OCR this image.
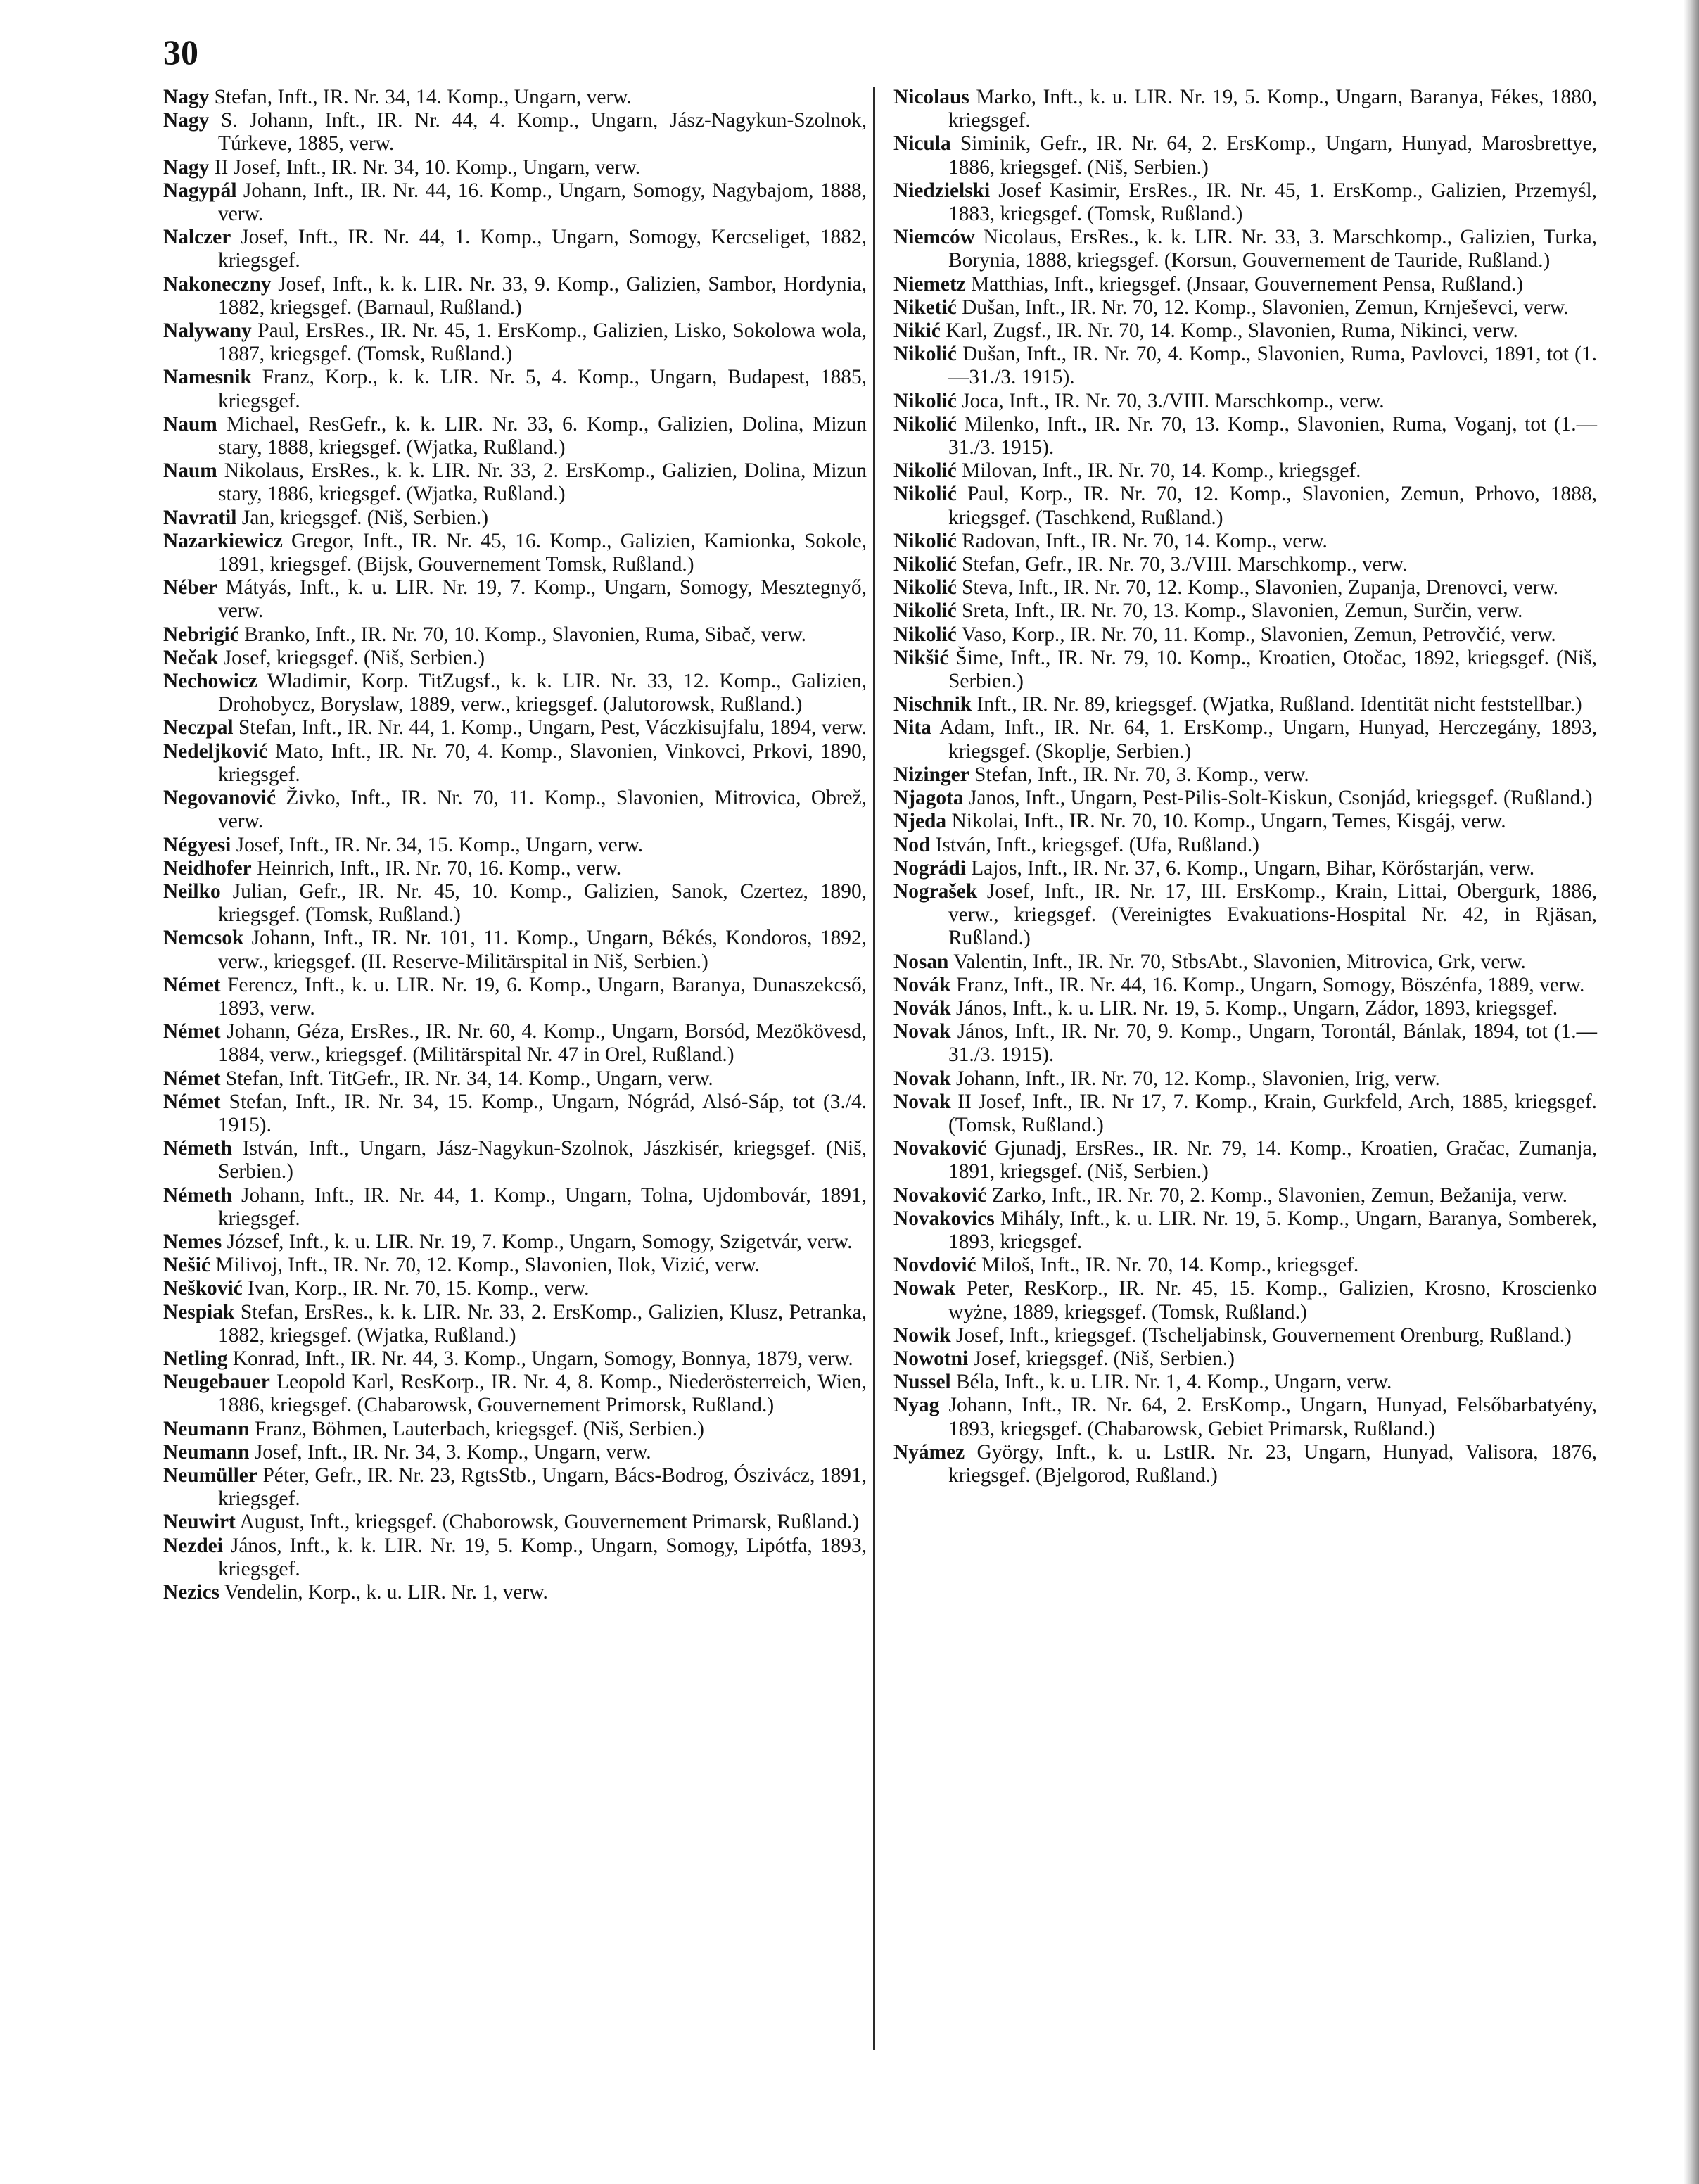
30

Nagy Stefan, Inft., IR. Nr. 34, 14. Komp., Ungarn, verw.

Nagy S. Johann, Inft., IR. Nr. 44, 4. Komp., Ungarn, Jász-Nagykun-Szolnok, Túrkeve, 1885, verw.

Nagy II Josef, Inft., IR. Nr. 34, 10. Komp., Ungarn, verw.

Nagypál Johann, Inft., IR. Nr. 44, 16. Komp., Ungarn, Somogy, Nagybajom, 1888, verw.

Nalczer Josef, Inft., IR. Nr. 44, 1. Komp., Ungarn, Somogy, Kercseliget, 1882, kriegsgef.

Nakoneczny Josef, Inft., k. k. LIR. Nr. 33, 9. Komp., Galizien, Sambor, Hordynia, 1882, kriegsgef. (Barnaul, Rußland.)

Nalywany Paul, ErsRes., IR. Nr. 45, 1. ErsKomp., Galizien, Lisko, Sokolowa wola, 1887, kriegsgef. (Tomsk, Rußland.)

Namesnik Franz, Korp., k. k. LIR. Nr. 5, 4. Komp., Ungarn, Budapest, 1885, kriegsgef.

Naum Michael, ResGefr., k. k. LIR. Nr. 33, 6. Komp., Galizien, Dolina, Mizun stary, 1888, kriegsgef. (Wjatka, Rußland.)

Naum Nikolaus, ErsRes., k. k. LIR. Nr. 33, 2. ErsKomp., Galizien, Dolina, Mizun stary, 1886, kriegsgef. (Wjatka, Rußland.)

Navratil Jan, kriegsgef. (Niš, Serbien.)

Nazarkiewicz Gregor, Inft., IR. Nr. 45, 16. Komp., Galizien, Kamionka, Sokole, 1891, kriegsgef. (Bijsk, Gouvernement Tomsk, Rußland.)

Néber Mátyás, Inft., k. u. LIR. Nr. 19, 7. Komp., Ungarn, Somogy, Mesztegnyő, verw.

Nebrigić Branko, Inft., IR. Nr. 70, 10. Komp., Slavonien, Ruma, Sibač, verw.

Nečak Josef, kriegsgef. (Niš, Serbien.)

Nechowicz Wladimir, Korp. TitZugsf., k. k. LIR. Nr. 33, 12. Komp., Galizien, Drohobycz, Boryslaw, 1889, verw., kriegsgef. (Jalutorowsk, Rußland.)

Neczpal Stefan, Inft., IR. Nr. 44, 1. Komp., Ungarn, Pest, Váczkisujfalu, 1894, verw.

Nedeljković Mato, Inft., IR. Nr. 70, 4. Komp., Slavonien, Vinkovci, Prkovi, 1890, kriegsgef.

Negovanović Živko, Inft., IR. Nr. 70, 11. Komp., Slavonien, Mitrovica, Obrež, verw.

Négyesi Josef, Inft., IR. Nr. 34, 15. Komp., Ungarn, verw.

Neidhofer Heinrich, Inft., IR. Nr. 70, 16. Komp., verw.

Neilko Julian, Gefr., IR. Nr. 45, 10. Komp., Galizien, Sanok, Czertez, 1890, kriegsgef. (Tomsk, Rußland.)

Nemcsok Johann, Inft., IR. Nr. 101, 11. Komp., Ungarn, Békés, Kondoros, 1892, verw., kriegsgef. (II. Reserve-Militärspital in Niš, Serbien.)

Német Ferencz, Inft., k. u. LIR. Nr. 19, 6. Komp., Ungarn, Baranya, Dunaszekcső, 1893, verw.

Német Johann, Géza, ErsRes., IR. Nr. 60, 4. Komp., Ungarn, Borsód, Mezökövesd, 1884, verw., kriegsgef. (Militärspital Nr. 47 in Orel, Rußland.)

Német Stefan, Inft. TitGefr., IR. Nr. 34, 14. Komp., Ungarn, verw.

Német Stefan, Inft., IR. Nr. 34, 15. Komp., Ungarn, Nógrád, Alsó-Sáp, tot (3./4. 1915).

Németh István, Inft., Ungarn, Jász-Nagykun-Szolnok, Jászkisér, kriegsgef. (Niš, Serbien.)

Németh Johann, Inft., IR. Nr. 44, 1. Komp., Ungarn, Tolna, Ujdombovár, 1891, kriegsgef.

Nemes József, Inft., k. u. LIR. Nr. 19, 7. Komp., Ungarn, Somogy, Szigetvár, verw.

Nešić Milivoj, Inft., IR. Nr. 70, 12. Komp., Slavonien, Ilok, Vizić, verw.

Nešković Ivan, Korp., IR. Nr. 70, 15. Komp., verw.

Nespiak Stefan, ErsRes., k. k. LIR. Nr. 33, 2. ErsKomp., Galizien, Klusz, Petranka, 1882, kriegsgef. (Wjatka, Rußland.)

Netling Konrad, Inft., IR. Nr. 44, 3. Komp., Ungarn, Somogy, Bonnya, 1879, verw.

Neugebauer Leopold Karl, ResKorp., IR. Nr. 4, 8. Komp., Niederösterreich, Wien, 1886, kriegsgef. (Chabarowsk, Gouvernement Primorsk, Rußland.)

Neumann Franz, Böhmen, Lauterbach, kriegsgef. (Niš, Serbien.)

Neumann Josef, Inft., IR. Nr. 34, 3. Komp., Ungarn, verw.

Neumüller Péter, Gefr., IR. Nr. 23, RgtsStb., Ungarn, Bács-Bodrog, Ószivácz, 1891, kriegsgef.

Neuwirt August, Inft., kriegsgef. (Chaborowsk, Gouvernement Primarsk, Rußland.)

Nezdei János, Inft., k. k. LIR. Nr. 19, 5. Komp., Ungarn, Somogy, Lipótfa, 1893, kriegsgef.

Nezics Vendelin, Korp., k. u. LIR. Nr. 1, verw.

Nicolaus Marko, Inft., k. u. LIR. Nr. 19, 5. Komp., Ungarn, Baranya, Fékes, 1880, kriegsgef.

Nicula Siminik, Gefr., IR. Nr. 64, 2. ErsKomp., Ungarn, Hunyad, Marosbrettye, 1886, kriegsgef. (Niš, Serbien.)

Niedzielski Josef Kasimir, ErsRes., IR. Nr. 45, 1. ErsKomp., Galizien, Przemyśl, 1883, kriegsgef. (Tomsk, Rußland.)

Niemców Nicolaus, ErsRes., k. k. LIR. Nr. 33, 3. Marschkomp., Galizien, Turka, Borynia, 1888, kriegsgef. (Korsun, Gouvernement de Tauride, Rußland.)

Niemetz Matthias, Inft., kriegsgef. (Jnsaar, Gouvernement Pensa, Rußland.)

Niketić Dušan, Inft., IR. Nr. 70, 12. Komp., Slavonien, Zemun, Krnješevci, verw.

Nikić Karl, Zugsf., IR. Nr. 70, 14. Komp., Slavonien, Ruma, Nikinci, verw.

Nikolić Dušan, Inft., IR. Nr. 70, 4. Komp., Slavonien, Ruma, Pavlovci, 1891, tot (1.—31./3. 1915).

Nikolić Joca, Inft., IR. Nr. 70, 3./VIII. Marschkomp., verw.

Nikolić Milenko, Inft., IR. Nr. 70, 13. Komp., Slavonien, Ruma, Voganj, tot (1.—31./3. 1915).

Nikolić Milovan, Inft., IR. Nr. 70, 14. Komp., kriegsgef.

Nikolić Paul, Korp., IR. Nr. 70, 12. Komp., Slavonien, Zemun, Prhovo, 1888, kriegsgef. (Taschkend, Rußland.)

Nikolić Radovan, Inft., IR. Nr. 70, 14. Komp., verw.

Nikolić Stefan, Gefr., IR. Nr. 70, 3./VIII. Marschkomp., verw.

Nikolić Steva, Inft., IR. Nr. 70, 12. Komp., Slavonien, Zupanja, Drenovci, verw.

Nikolić Sreta, Inft., IR. Nr. 70, 13. Komp., Slavonien, Zemun, Surčin, verw.

Nikolić Vaso, Korp., IR. Nr. 70, 11. Komp., Slavonien, Zemun, Petrovčić, verw.

Nikšić Šime, Inft., IR. Nr. 79, 10. Komp., Kroatien, Otočac, 1892, kriegsgef. (Niš, Serbien.)

Nischnik Inft., IR. Nr. 89, kriegsgef. (Wjatka, Rußland. Identität nicht feststellbar.)

Nita Adam, Inft., IR. Nr. 64, 1. ErsKomp., Ungarn, Hunyad, Herczegány, 1893, kriegsgef. (Skoplje, Serbien.)

Nizinger Stefan, Inft., IR. Nr. 70, 3. Komp., verw.

Njagota Janos, Inft., Ungarn, Pest-Pilis-Solt-Kiskun, Csonjád, kriegsgef. (Rußland.)

Njeda Nikolai, Inft., IR. Nr. 70, 10. Komp., Ungarn, Temes, Kisgáj, verw.

Nod István, Inft., kriegsgef. (Ufa, Rußland.)

Nográdi Lajos, Inft., IR. Nr. 37, 6. Komp., Ungarn, Bihar, Körőstarján, verw.

Nograšek Josef, Inft., IR. Nr. 17, III. ErsKomp., Krain, Littai, Obergurk, 1886, verw., kriegsgef. (Vereinigtes Evakuations-Hospital Nr. 42, in Rjäsan, Rußland.)

Nosan Valentin, Inft., IR. Nr. 70, StbsAbt., Slavonien, Mitrovica, Grk, verw.

Novák Franz, Inft., IR. Nr. 44, 16. Komp., Ungarn, Somogy, Böszénfa, 1889, verw.

Novák János, Inft., k. u. LIR. Nr. 19, 5. Komp., Ungarn, Zádor, 1893, kriegsgef.

Novak János, Inft., IR. Nr. 70, 9. Komp., Ungarn, Torontál, Bánlak, 1894, tot (1.—31./3. 1915).

Novak Johann, Inft., IR. Nr. 70, 12. Komp., Slavonien, Irig, verw.

Novak II Josef, Inft., IR. Nr 17, 7. Komp., Krain, Gurkfeld, Arch, 1885, kriegsgef. (Tomsk, Rußland.)

Novaković Gjunadj, ErsRes., IR. Nr. 79, 14. Komp., Kroatien, Gračac, Zumanja, 1891, kriegsgef. (Niš, Serbien.)

Novaković Zarko, Inft., IR. Nr. 70, 2. Komp., Slavonien, Zemun, Bežanija, verw.

Novakovics Mihály, Inft., k. u. LIR. Nr. 19, 5. Komp., Ungarn, Baranya, Somberek, 1893, kriegsgef.

Novdović Miloš, Inft., IR. Nr. 70, 14. Komp., kriegsgef.

Nowak Peter, ResKorp., IR. Nr. 45, 15. Komp., Galizien, Krosno, Kroscienko wyżne, 1889, kriegsgef. (Tomsk, Rußland.)

Nowik Josef, Inft., kriegsgef. (Tscheljabinsk, Gouvernement Orenburg, Rußland.)

Nowotni Josef, kriegsgef. (Niš, Serbien.)

Nussel Béla, Inft., k. u. LIR. Nr. 1, 4. Komp., Ungarn, verw.

Nyag Johann, Inft., IR. Nr. 64, 2. ErsKomp., Ungarn, Hunyad, Felsőbarbatyény, 1893, kriegsgef. (Chabarowsk, Gebiet Primarsk, Rußland.)

Nyámez György, Inft., k. u. LstIR. Nr. 23, Ungarn, Hunyad, Valisora, 1876, kriegsgef. (Bjelgorod, Rußland.)
